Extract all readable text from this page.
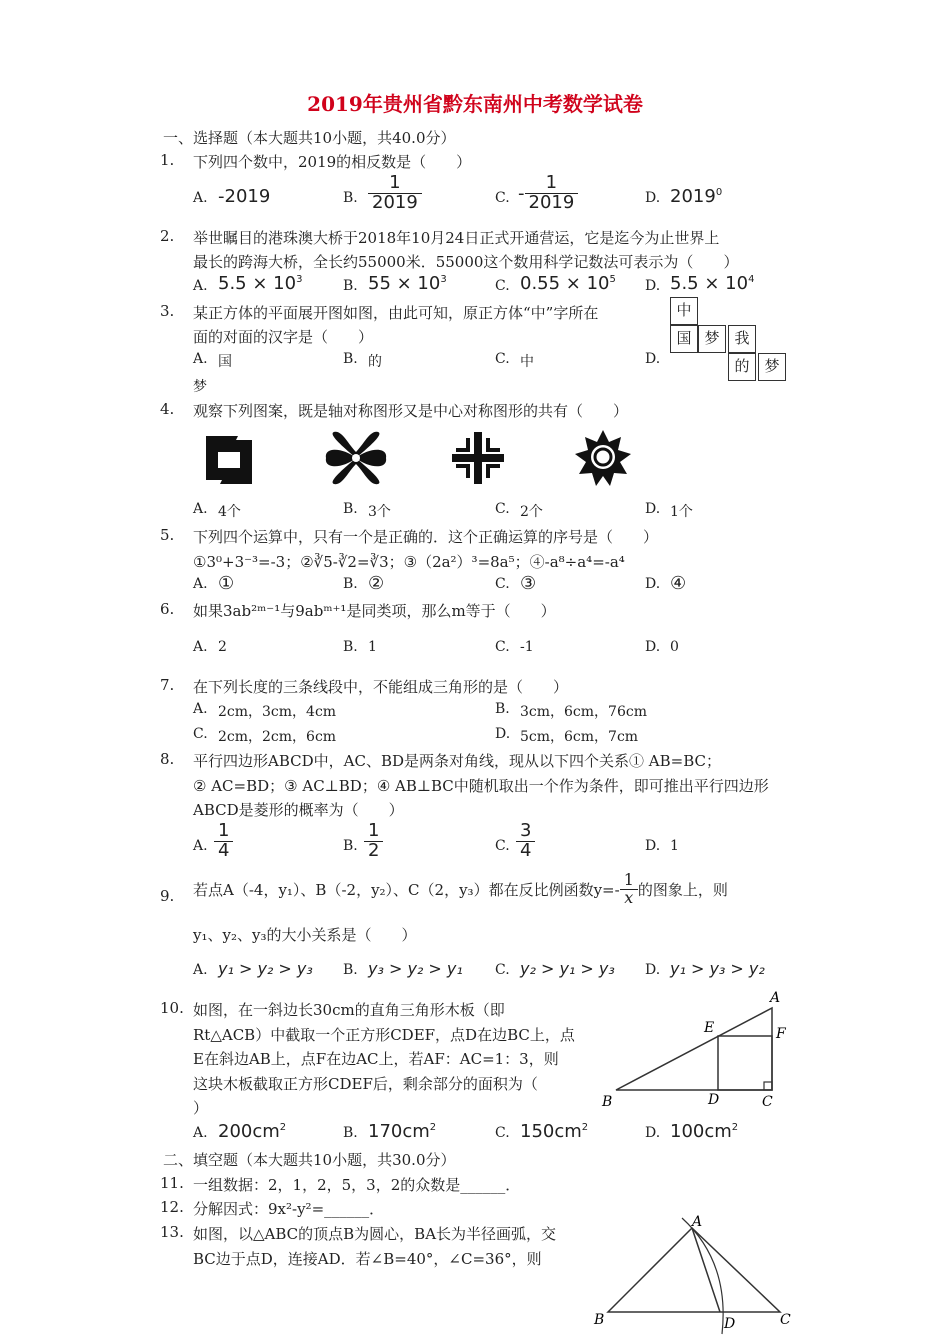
2019年贵州省黔东南州中考数学试卷
一、选择题（本大题共10小题，共40.0分）
1. 下列四个数中，2019的相反数是（　　）
A. -2019	B. $\frac{1}{2019}$	C. - $\frac{1}{2019}$	D. 2019$^0$
2. 举世瞩目的港珠澳大桥于2018年10月24日正式开通营运，它是迄今为止世界上
最长的跨海大桥，全长约55000米．55000这个数用科学记数法可表示为（　　）
A. $5.5 \times 10^3$	B. $55 \times 10^3$	C. $0.55 \times 10^5$ D. $5.5 \times 10^4$
3. 某正方体的平面展开图如图，由此可知，原正方体“中”字所在
面的对面的汉字是（　　）
A. 国	B. 的	C. 中	D.
梦
中
国 梦 我
的 梦
4. 观察下列图案，既是轴对称图形又是中心对称图形的共有（　　）
A. 4个	B. 3个	C. 2个	D. 1个
5. 下列四个运算中，只有一个是正确的．这个正确运算的序号是（　　）
①3⁰+3⁻³=-3；②∛5-∛2=∛3；③（2a²）³=8a⁵；④-a⁸÷a⁴=-a⁴
A. ①	B. ②	C. ③	D. ④
6. 如果3ab²ᵐ⁻¹与9abᵐ⁺¹是同类项，那么m等于（　　）
A. 2	B. 1	C. -1	D. 0
7. 在下列长度的三条线段中，不能组成三角形的是（　　）
A. 2cm，3cm，4cm	B. 3cm，6cm，76cm
C. 2cm，2cm，6cm	D. 5cm，6cm，7cm
8. 平行四边形ABCD中，AC、BD是两条对角线，现从以下四个关系① AB=BC；
② AC=BD；③ AC⊥BD；④ AB⊥BC中随机取出一个作为条件，即可推出平行四边形
ABCD是菱形的概率为（　　）
A. $\frac{1}{4}$	B. $\frac{1}{2}$	C. $\frac{3}{4}$	D. 1
9. 若点A（-4，y₁）、B（-2，y₂）、C（2，y₃）都在反比例函数$y=- \frac{1}{x}$ 的图象上，则
y₁、y₂、y₃的大小关系是（　　）
A. y₁ > y₂ > y₃ B. y₃ > y₂ > y₁ C. y₂ > y₁ > y₃ D. y₁ > y₃ > y₂
10. 如图，在一斜边长30cm的直角三角形木板（即
Rt△ACB）中截取一个正方形CDEF，点D在边BC上，点
E在斜边AB上，点F在边AC上，若AF：AC=1：3，则
这块木板截取正方形CDEF后，剩余部分的面积为（
）
A
B	C
D
E	F
A. $200cm^2$	B. $170cm^2$	C. $150cm^2$	D. $100cm^2$
二、填空题（本大题共10小题，共30.0分）
11. 一组数据：2，1，2，5，3，2的众数是______．
12. 分解因式：9x²-y²=______．
13. 如图，以△ABC的顶点B为圆心，BA长为半径画弧，交
BC边于点D，连接AD．若∠B=40°，∠C=36°，则
A
B	C
D
